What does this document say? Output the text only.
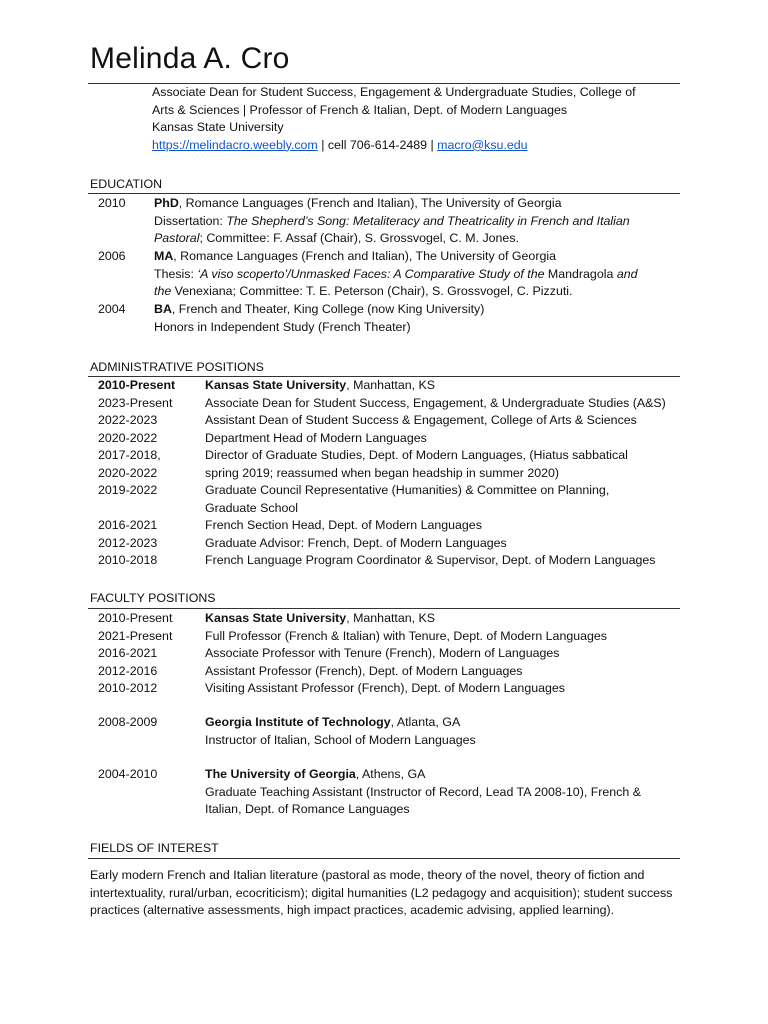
Melinda A. Cro
Associate Dean for Student Success, Engagement & Undergraduate Studies, College of
Arts & Sciences | Professor of French & Italian, Dept. of Modern Languages
Kansas State University
https://melindacro.weebly.com | cell 706-614-2489 | macro@ksu.edu
EDUCATION
2010 PhD, Romance Languages (French and Italian), The University of Georgia
Dissertation: The Shepherd’s Song: Metaliteracy and Theatricality in French and Italian
Pastoral; Committee: F. Assaf (Chair), S. Grossvogel, C. M. Jones.
2006 MA, Romance Languages (French and Italian), The University of Georgia
Thesis: ‘A viso scoperto’/Unmasked Faces: A Comparative Study of the Mandragola and
the Venexiana; Committee: T. E. Peterson (Chair), S. Grossvogel, C. Pizzuti.
2004 BA, French and Theater, King College (now King University)
Honors in Independent Study (French Theater)
ADMINISTRATIVE POSITIONS
2010-Present Kansas State University, Manhattan, KS
2023-Present	Associate Dean for Student Success, Engagement, & Undergraduate Studies (A&S)
2022-2023	Assistant Dean of Student Success & Engagement, College of Arts & Sciences
2020-2022	Department Head of Modern Languages
2017-2018,	Director of Graduate Studies, Dept. of Modern Languages, (Hiatus sabbatical
2020-2022	spring 2019; reassumed when began headship in summer 2020)
2019-2022	Graduate Council Representative (Humanities) & Committee on Planning,
Graduate School
2016-2021	French Section Head, Dept. of Modern Languages
2012-2023	Graduate Advisor: French, Dept. of Modern Languages
2010-2018	French Language Program Coordinator & Supervisor, Dept. of Modern Languages
FACULTY POSITIONS
2010-Present	Kansas State University, Manhattan, KS
2021-Present	Full Professor (French & Italian) with Tenure, Dept. of Modern Languages
2016-2021	Associate Professor with Tenure (French), Modern of Languages
2012-2016	Assistant Professor (French), Dept. of Modern Languages
2010-2012	Visiting Assistant Professor (French), Dept. of Modern Languages
2008-2009	Georgia Institute of Technology, Atlanta, GA
Instructor of Italian, School of Modern Languages
2004-2010	The University of Georgia, Athens, GA
Graduate Teaching Assistant (Instructor of Record, Lead TA 2008-10), French &
Italian, Dept. of Romance Languages
FIELDS OF INTEREST
Early modern French and Italian literature (pastoral as mode, theory of the novel, theory of fiction and intertextuality, rural/urban, ecocriticism); digital humanities (L2 pedagogy and acquisition); student success practices (alternative assessments, high impact practices, academic advising, applied learning).
